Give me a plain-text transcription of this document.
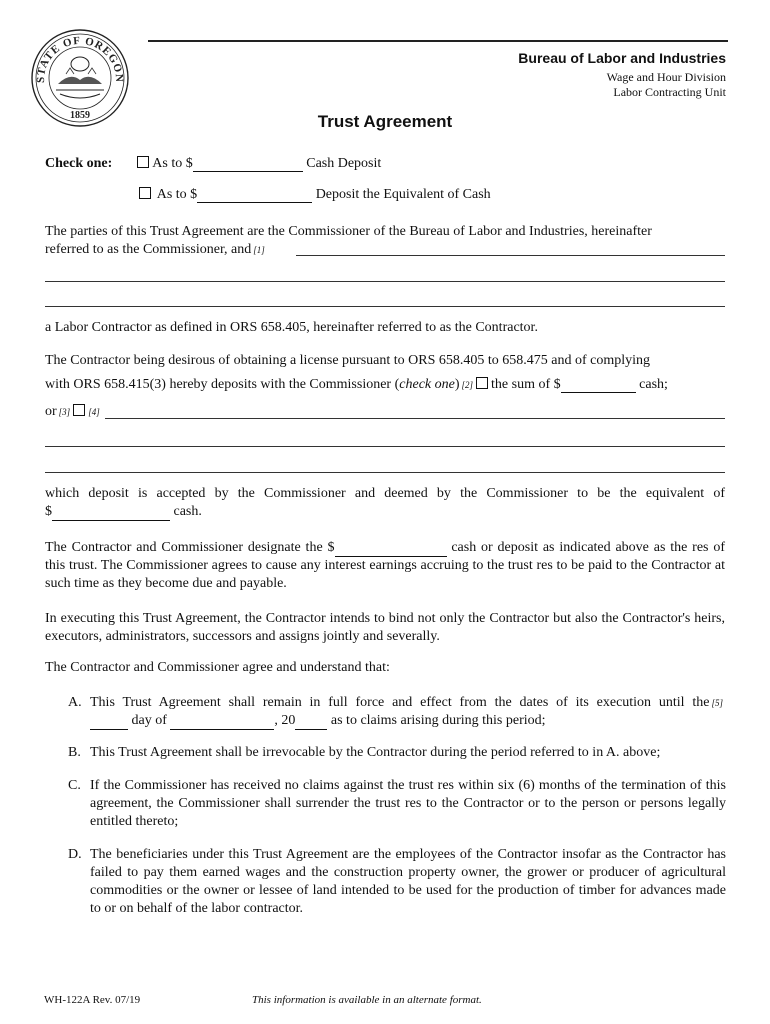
STATE OF OREGON
1859
Bureau of Labor and Industries
Wage and Hour Division
Labor Contracting Unit
Trust Agreement
Check one:	As to $	Cash Deposit
As to $	Deposit the Equivalent of Cash
The parties of this Trust Agreement are the Commissioner of the Bureau of Labor and Industries, hereinafter
referred to as the Commissioner, and [1]
a Labor Contractor as defined in ORS 658.405, hereinafter referred to as the Contractor.
The Contractor being desirous of obtaining a license pursuant to ORS 658.405 to 658.475 and of complying
with ORS 658.415(3) hereby deposits with the Commissioner (check one) [2] the sum of $	cash;
or [3] [4]
which deposit is accepted by the Commissioner and deemed by the Commissioner to be the equivalent of
$	cash.
The Contractor and Commissioner designate the $	cash or deposit as indicated above as the res of this trust. The Commissioner agrees to cause any interest earnings accruing to the trust res to be paid to the Contractor at such time as they become due and payable.
In executing this Trust Agreement, the Contractor intends to bind not only the Contractor but also the Contractor's heirs, executors, administrators, successors and assigns jointly and severally.
The Contractor and Commissioner agree and understand that:
A. This Trust Agreement shall remain in full force and effect from the dates of its execution until the [5]
day of	, 20	as to claims arising during this period;
B. This Trust Agreement shall be irrevocable by the Contractor during the period referred to in A. above;
C. If the Commissioner has received no claims against the trust res within six (6) months of the termination of this agreement, the Commissioner shall surrender the trust res to the Contractor or to the person or persons legally entitled thereto;
D. The beneficiaries under this Trust Agreement are the employees of the Contractor insofar as the Contractor has failed to pay them earned wages and the construction property owner, the grower or producer of agricultural commodities or the owner or lessee of land intended to be used for the production of timber for advances made to or on behalf of the labor contractor.
WH-122A Rev. 07/19	This information is available in an alternate format.
